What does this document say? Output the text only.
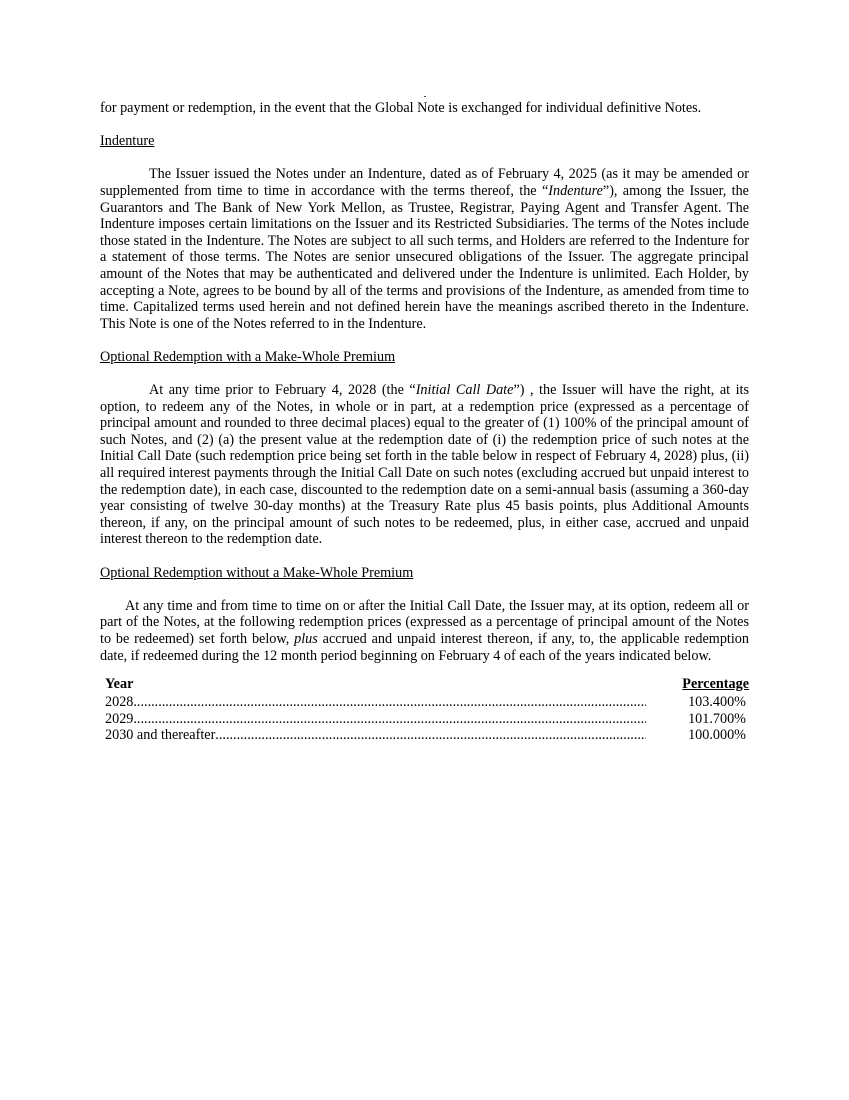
for payment or redemption, in the event that the Global Note is exchanged for individual definitive Notes.

Indenture

The Issuer issued the Notes under an Indenture, dated as of February 4, 2025 (as it may be amended or supplemented from time to time in accordance with the terms thereof, the “Indenture”), among the Issuer, the Guarantors and The Bank of New York Mellon, as Trustee, Registrar, Paying Agent and Transfer Agent. The Indenture imposes certain limitations on the Issuer and its Restricted Subsidiaries. The terms of the Notes include those stated in the Indenture. The Notes are subject to all such terms, and Holders are referred to the Indenture for a statement of those terms. The Notes are senior unsecured obligations of the Issuer. The aggregate principal amount of the Notes that may be authenticated and delivered under the Indenture is unlimited. Each Holder, by accepting a Note, agrees to be bound by all of the terms and provisions of the Indenture, as amended from time to time. Capitalized terms used herein and not defined herein have the meanings ascribed thereto in the Indenture. This Note is one of the Notes referred to in the Indenture.

Optional Redemption with a Make-Whole Premium

At any time prior to February 4, 2028 (the “Initial Call Date”) , the Issuer will have the right, at its option, to redeem any of the Notes, in whole or in part, at a redemption price (expressed as a percentage of principal amount and rounded to three decimal places) equal to the greater of (1) 100% of the principal amount of such Notes, and (2) (a) the present value at the redemption date of (i) the redemption price of such notes at the Initial Call Date (such redemption price being set forth in the table below in respect of February 4, 2028) plus, (ii) all required interest payments through the Initial Call Date on such notes (excluding accrued but unpaid interest to the redemption date), in each case, discounted to the redemption date on a semi-annual basis (assuming a 360-day year consisting of twelve 30-day months) at the Treasury Rate plus 45 basis points, plus Additional Amounts thereon, if any, on the principal amount of such notes to be redeemed, plus, in either case, accrued and unpaid interest thereon to the redemption date.

Optional Redemption without a Make-Whole Premium

At any time and from time to time on or after the Initial Call Date, the Issuer may, at its option, redeem all or part of the Notes, at the following redemption prices (expressed as a percentage of principal amount of the Notes to be redeemed) set forth below, plus accrued and unpaid interest thereon, if any, to, the applicable redemption date, if redeemed during the 12 month period beginning on February 4 of each of the years indicated below.

Year	Percentage
2028 .....	103.400%
2029 .....	101.700%
2030 and thereafter .....	100.000%
